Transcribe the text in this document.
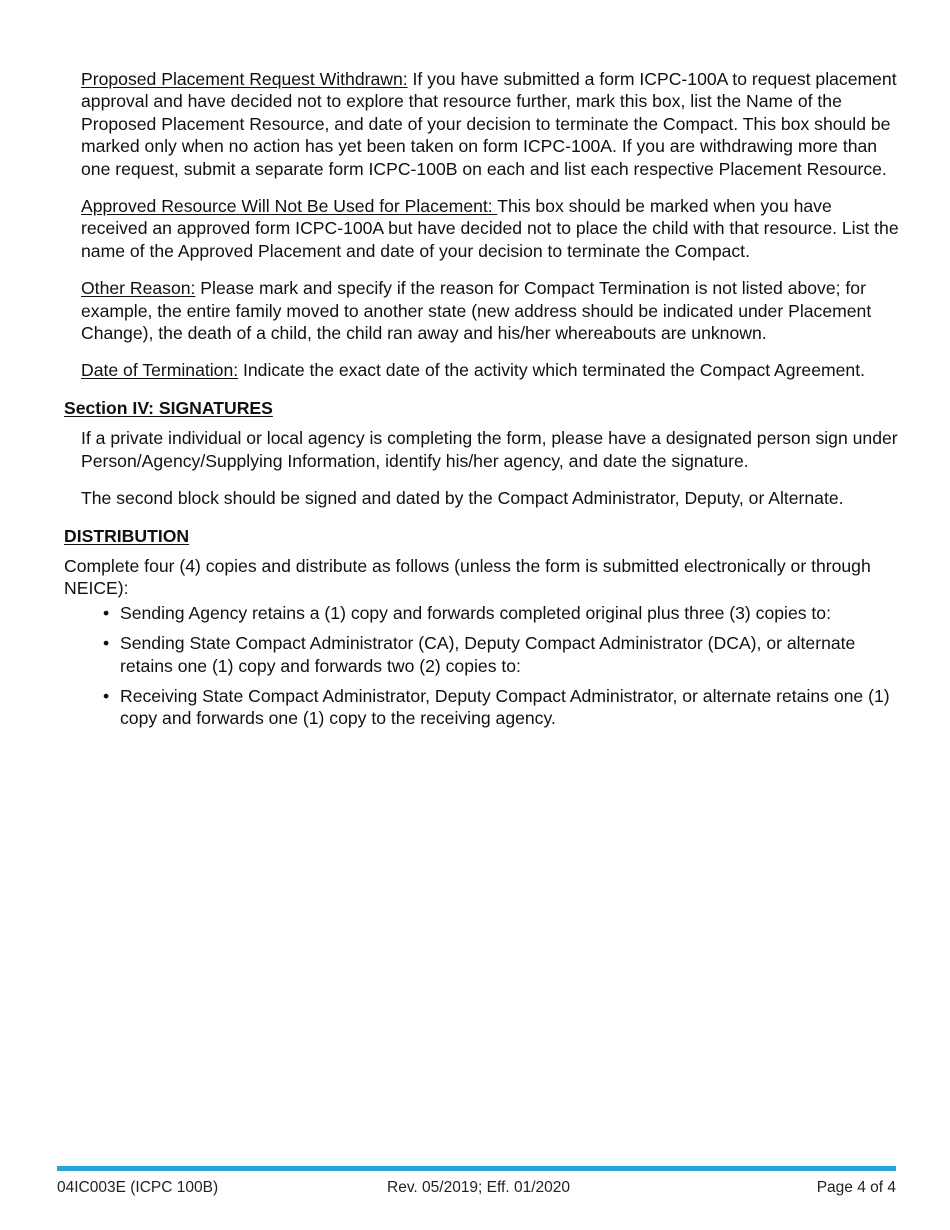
Proposed Placement Request Withdrawn: If you have submitted a form ICPC-100A to request placement approval and have decided not to explore that resource further, mark this box, list the Name of the Proposed Placement Resource, and date of your decision to terminate the Compact. This box should be marked only when no action has yet been taken on form ICPC-100A. If you are withdrawing more than one request, submit a separate form ICPC-100B on each and list each respective Placement Resource.

Approved Resource Will Not Be Used for Placement: This box should be marked when you have received an approved form ICPC-100A but have decided not to place the child with that resource. List the name of the Approved Placement and date of your decision to terminate the Compact.

Other Reason: Please mark and specify if the reason for Compact Termination is not listed above; for example, the entire family moved to another state (new address should be indicated under Placement Change), the death of a child, the child ran away and his/her whereabouts are unknown.

Date of Termination: Indicate the exact date of the activity which terminated the Compact Agreement.

Section IV: SIGNATURES

If a private individual or local agency is completing the form, please have a designated person sign under Person/Agency/Supplying Information, identify his/her agency, and date the signature.

The second block should be signed and dated by the Compact Administrator, Deputy, or Alternate.

DISTRIBUTION

Complete four (4) copies and distribute as follows (unless the form is submitted electronically or through NEICE):

• Sending Agency retains a (1) copy and forwards completed original plus three (3) copies to:
• Sending State Compact Administrator (CA), Deputy Compact Administrator (DCA), or alternate retains one (1) copy and forwards two (2) copies to:
• Receiving State Compact Administrator, Deputy Compact Administrator, or alternate retains one (1) copy and forwards one (1) copy to the receiving agency.
04IC003E (ICPC 100B)	Rev. 05/2019; Eff. 01/2020	Page 4 of 4
